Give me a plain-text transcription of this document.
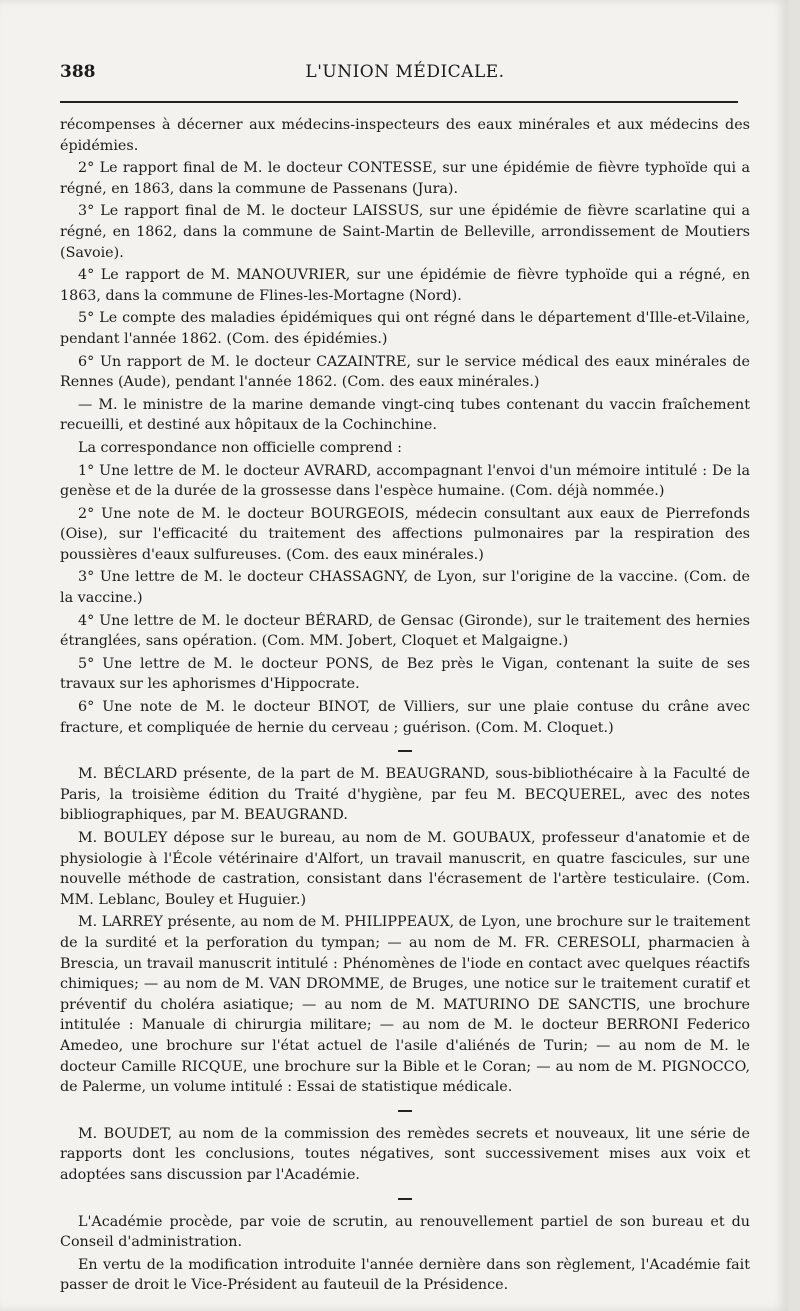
388	L'UNION MÉDICALE.

récompenses à décerner aux médecins-inspecteurs des eaux minérales et aux médecins des épidémies.

2° Le rapport final de M. le docteur CONTESSE, sur une épidémie de fièvre typhoïde qui a régné, en 1863, dans la commune de Passenans (Jura).

3° Le rapport final de M. le docteur LAISSUS, sur une épidémie de fièvre scarlatine qui a régné, en 1862, dans la commune de Saint-Martin de Belleville, arrondissement de Moutiers (Savoie).

4° Le rapport de M. MANOUVRIER, sur une épidémie de fièvre typhoïde qui a régné, en 1863, dans la commune de Flines-les-Mortagne (Nord).

5° Le compte des maladies épidémiques qui ont régné dans le département d'Ille-et-Vilaine, pendant l'année 1862. (Com. des épidémies.)

6° Un rapport de M. le docteur CAZAINTRE, sur le service médical des eaux minérales de Rennes (Aude), pendant l'année 1862. (Com. des eaux minérales.)

— M. le ministre de la marine demande vingt-cinq tubes contenant du vaccin fraîchement recueilli, et destiné aux hôpitaux de la Cochinchine.

La correspondance non officielle comprend :

1° Une lettre de M. le docteur AVRARD, accompagnant l'envoi d'un mémoire intitulé : De la genèse et de la durée de la grossesse dans l'espèce humaine. (Com. déjà nommée.)

2° Une note de M. le docteur BOURGEOIS, médecin consultant aux eaux de Pierrefonds (Oise), sur l'efficacité du traitement des affections pulmonaires par la respiration des poussières d'eaux sulfureuses. (Com. des eaux minérales.)

3° Une lettre de M. le docteur CHASSAGNY, de Lyon, sur l'origine de la vaccine. (Com. de la vaccine.)

4° Une lettre de M. le docteur BÉRARD, de Gensac (Gironde), sur le traitement des hernies étranglées, sans opération. (Com. MM. Jobert, Cloquet et Malgaigne.)

5° Une lettre de M. le docteur PONS, de Bez près le Vigan, contenant la suite de ses travaux sur les aphorismes d'Hippocrate.

6° Une note de M. le docteur BINOT, de Villiers, sur une plaie contuse du crâne avec fracture, et compliquée de hernie du cerveau ; guérison. (Com. M. Cloquet.)

M. BÉCLARD présente, de la part de M. BEAUGRAND, sous-bibliothécaire à la Faculté de Paris, la troisième édition du Traité d'hygiène, par feu M. BECQUEREL, avec des notes bibliographiques, par M. BEAUGRAND.

M. BOULEY dépose sur le bureau, au nom de M. GOUBAUX, professeur d'anatomie et de physiologie à l'École vétérinaire d'Alfort, un travail manuscrit, en quatre fascicules, sur une nouvelle méthode de castration, consistant dans l'écrasement de l'artère testiculaire. (Com. MM. Leblanc, Bouley et Huguier.)

M. LARREY présente, au nom de M. PHILIPPEAUX, de Lyon, une brochure sur le traitement de la surdité et la perforation du tympan; — au nom de M. FR. CERESOLI, pharmacien à Brescia, un travail manuscrit intitulé : Phénomènes de l'iode en contact avec quelques réactifs chimiques; — au nom de M. VAN DROMME, de Bruges, une notice sur le traitement curatif et préventif du choléra asiatique; — au nom de M. MATURINO DE SANCTIS, une brochure intitulée : Manuale di chirurgia militare; — au nom de M. le docteur BERRONI Federico Amedeo, une brochure sur l'état actuel de l'asile d'aliénés de Turin; — au nom de M. le docteur Camille RICQUE, une brochure sur la Bible et le Coran; — au nom de M. PIGNOCCO, de Palerme, un volume intitulé : Essai de statistique médicale.

M. BOUDET, au nom de la commission des remèdes secrets et nouveaux, lit une série de rapports dont les conclusions, toutes négatives, sont successivement mises aux voix et adoptées sans discussion par l'Académie.

L'Académie procède, par voie de scrutin, au renouvellement partiel de son bureau et du Conseil d'administration.

En vertu de la modification introduite l'année dernière dans son règlement, l'Académie fait passer de droit le Vice-Président au fauteuil de la Présidence.
